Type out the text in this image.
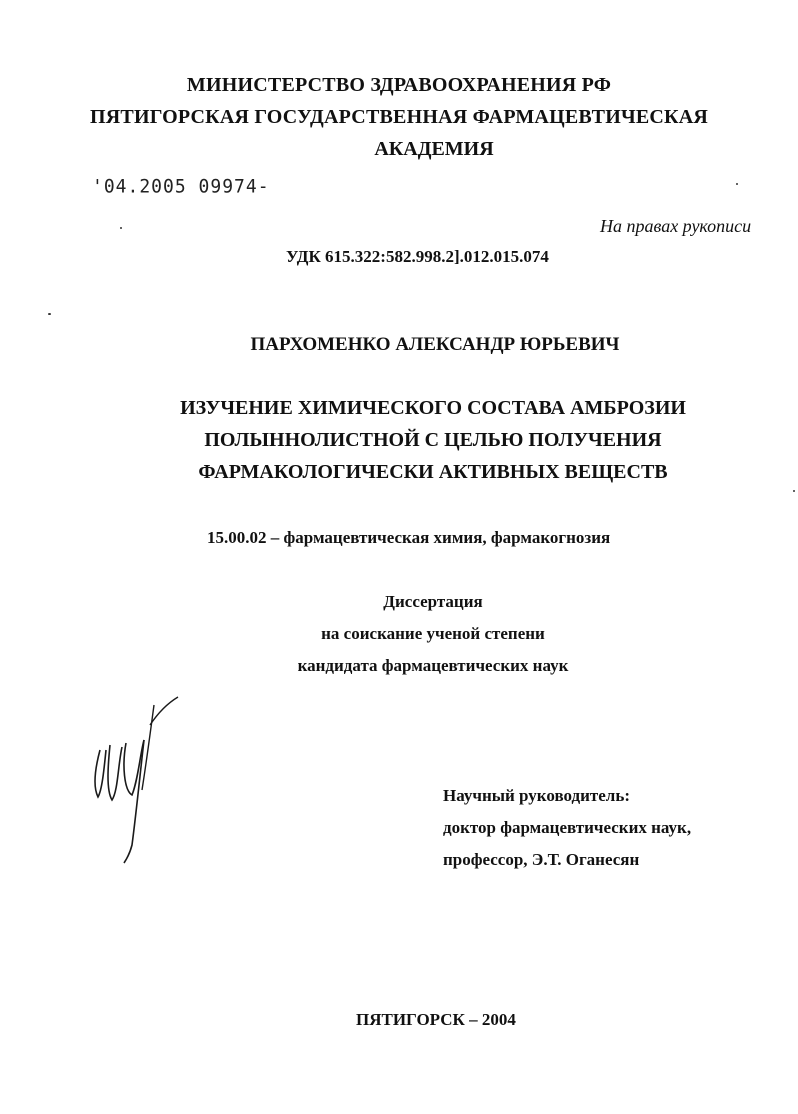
МИНИСТЕРСТВО ЗДРАВООХРАНЕНИЯ РФ
ПЯТИГОРСКАЯ ГОСУДАРСТВЕННАЯ ФАРМАЦЕВТИЧЕСКАЯ
АКАДЕМИЯ
'04.2005 09974-
На правах рукописи
УДК 615.322:582.998.2].012.015.074
ПАРХОМЕНКО АЛЕКСАНДР ЮРЬЕВИЧ
ИЗУЧЕНИЕ ХИМИЧЕСКОГО СОСТАВА АМБРОЗИИ
ПОЛЫННОЛИСТНОЙ С ЦЕЛЬЮ ПОЛУЧЕНИЯ
ФАРМАКОЛОГИЧЕСКИ АКТИВНЫХ ВЕЩЕСТВ
15.00.02 – фармацевтическая химия, фармакогнозия
Диссертация
на соискание ученой степени
кандидата фармацевтических наук
Научный руководитель:
доктор фармацевтических наук,
профессор, Э.Т. Оганесян
ПЯТИГОРСК – 2004
